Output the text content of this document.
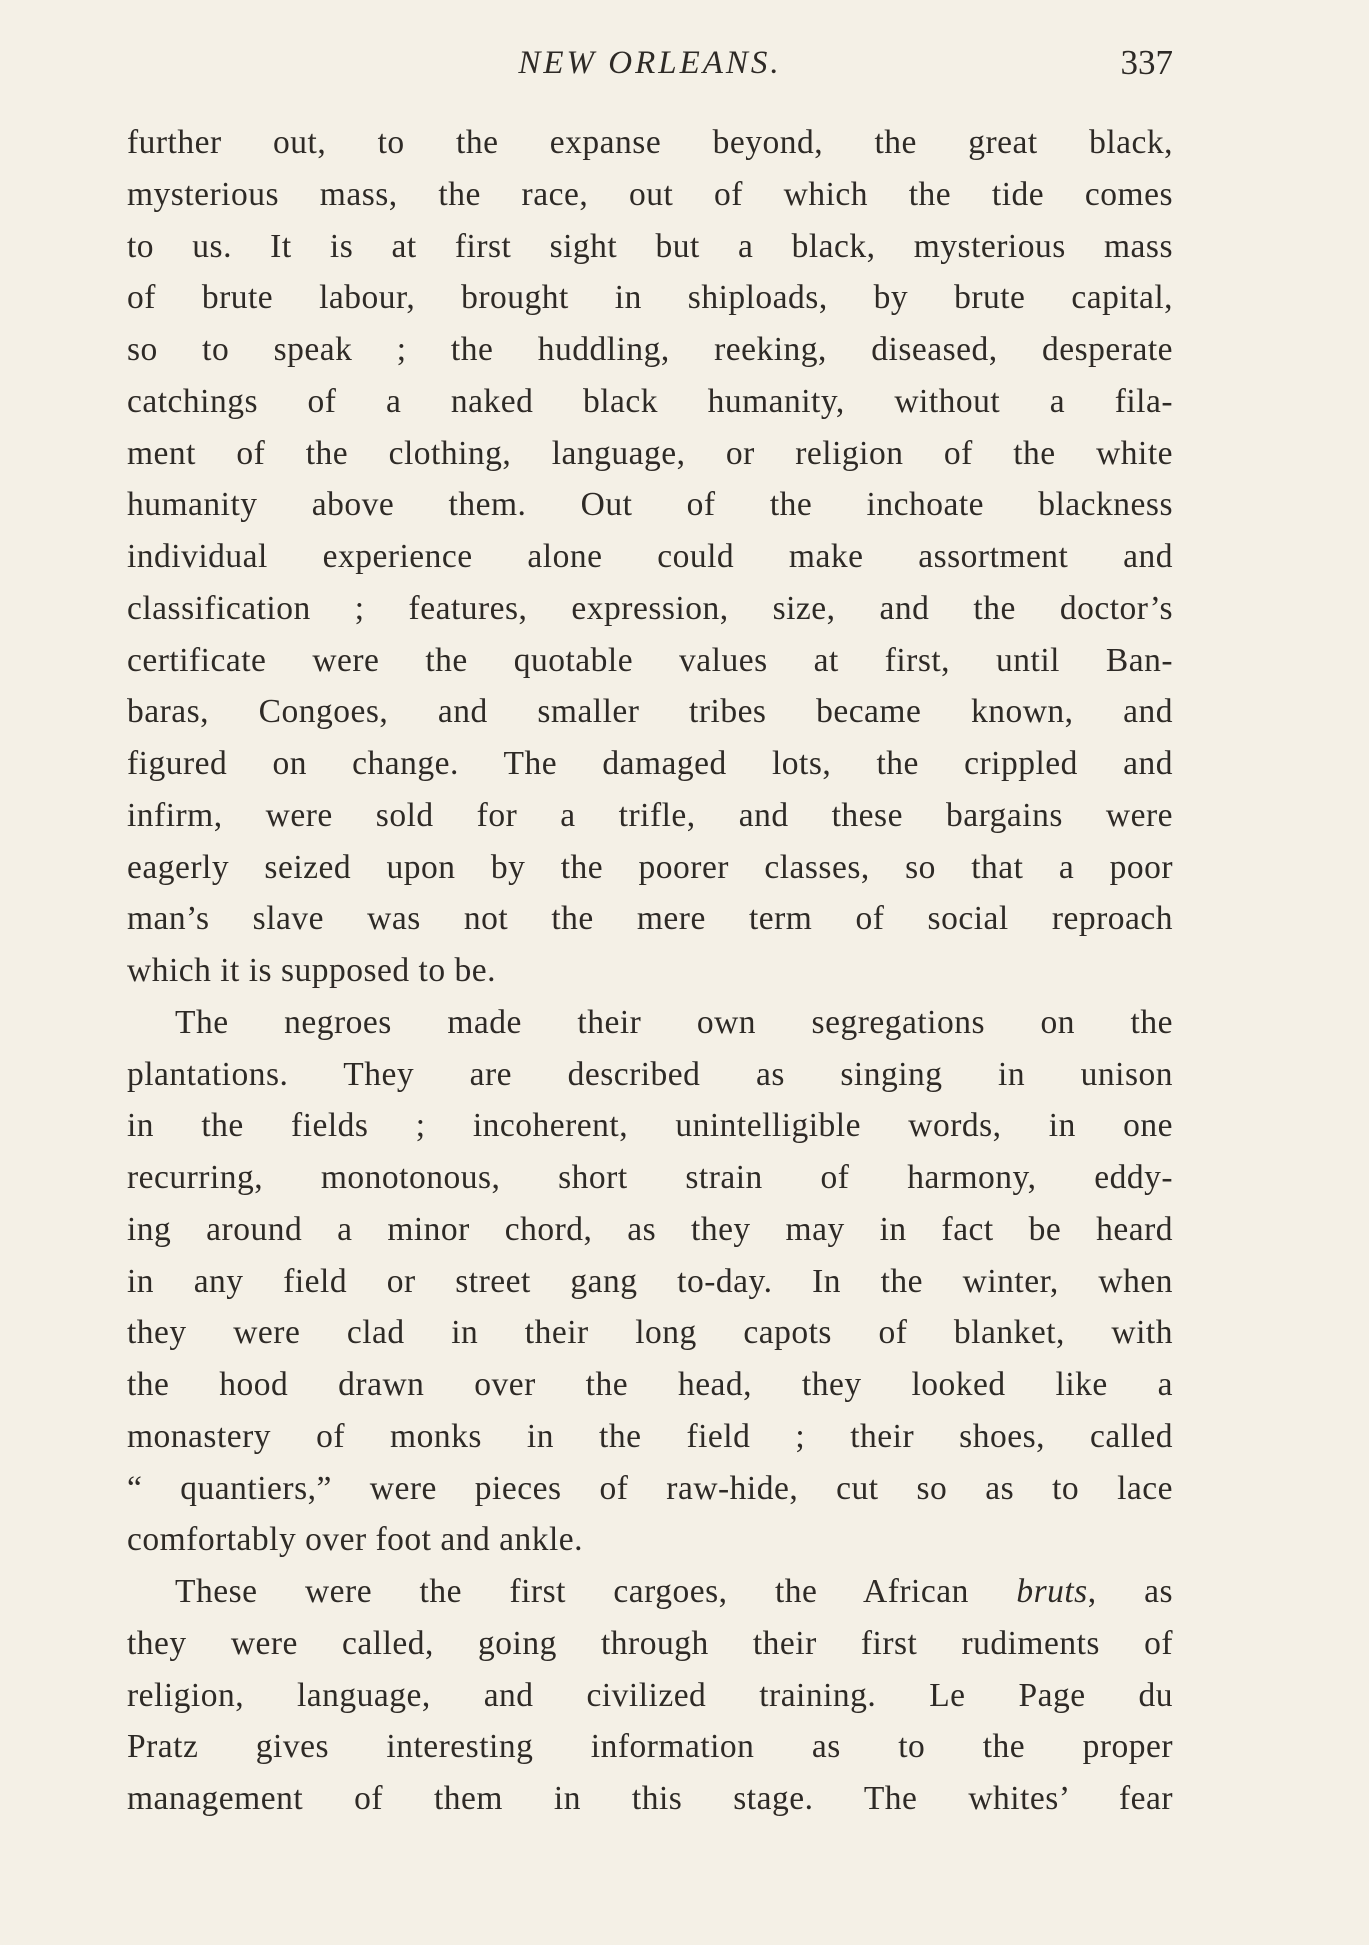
NEW ORLEANS.	337
further out, to the expanse beyond, the great black,
mysterious mass, the race, out of which the tide comes
to us. It is at first sight but a black, mysterious mass
of brute labour, brought in shiploads, by brute capital,
so to speak ; the huddling, reeking, diseased, desperate
catchings of a naked black humanity, without a fila-
ment of the clothing, language, or religion of the white
humanity above them. Out of the inchoate blackness
individual experience alone could make assortment and
classification ; features, expression, size, and the doctor’s
certificate were the quotable values at first, until Ban-
baras, Congoes, and smaller tribes became known, and
figured on change. The damaged lots, the crippled and
infirm, were sold for a trifle, and these bargains were
eagerly seized upon by the poorer classes, so that a poor
man’s slave was not the mere term of social reproach
which it is supposed to be.
The negroes made their own segregations on the
plantations. They are described as singing in unison
in the fields ; incoherent, unintelligible words, in one
recurring, monotonous, short strain of harmony, eddy-
ing around a minor chord, as they may in fact be heard
in any field or street gang to-day. In the winter, when
they were clad in their long capots of blanket, with
the hood drawn over the head, they looked like a
monastery of monks in the field ; their shoes, called
“ quantiers,” were pieces of raw-hide, cut so as to lace
comfortably over foot and ankle.
These were the first cargoes, the African bruts, as
they were called, going through their first rudiments of
religion, language, and civilized training. Le Page du
Pratz gives interesting information as to the proper
management of them in this stage. The whites’ fear
